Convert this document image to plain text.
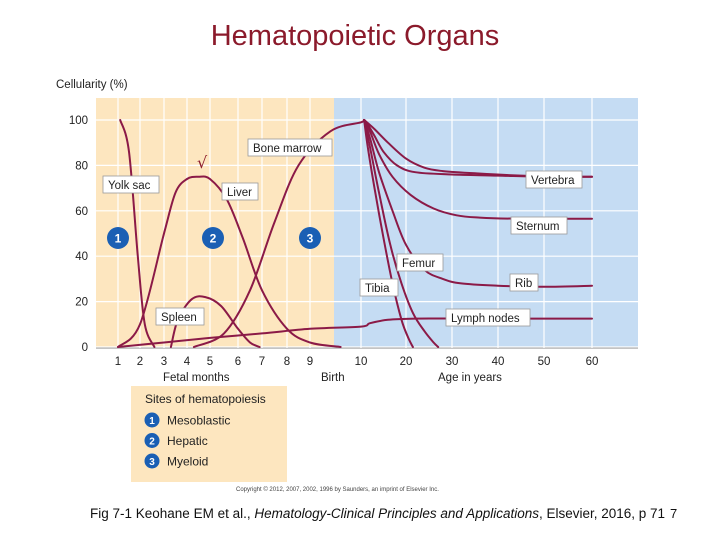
Hematopoietic Organs
Cellularity (%)
100
80
60
40
20
0
1 2 3 4 5 6 7 8 9	10	20	30	40	50	60
Fetal months	Birth	Age in years
√
1	2	3
Yolk sac
Liver
Spleen
Bone marrow
Vertebra
Sternum
Rib
Femur
Tibia
Lymph nodes
Sites of hematopoiesis
1 Mesoblastic
2 Hepatic
3 Myeloid
Copyright © 2012, 2007, 2002, 1996 by Saunders, an imprint of Elsevier Inc.
Fig 7-1 Keohane EM et al., Hematology-Clinical Principles and Applications, Elsevier, 2016, p 71 7
